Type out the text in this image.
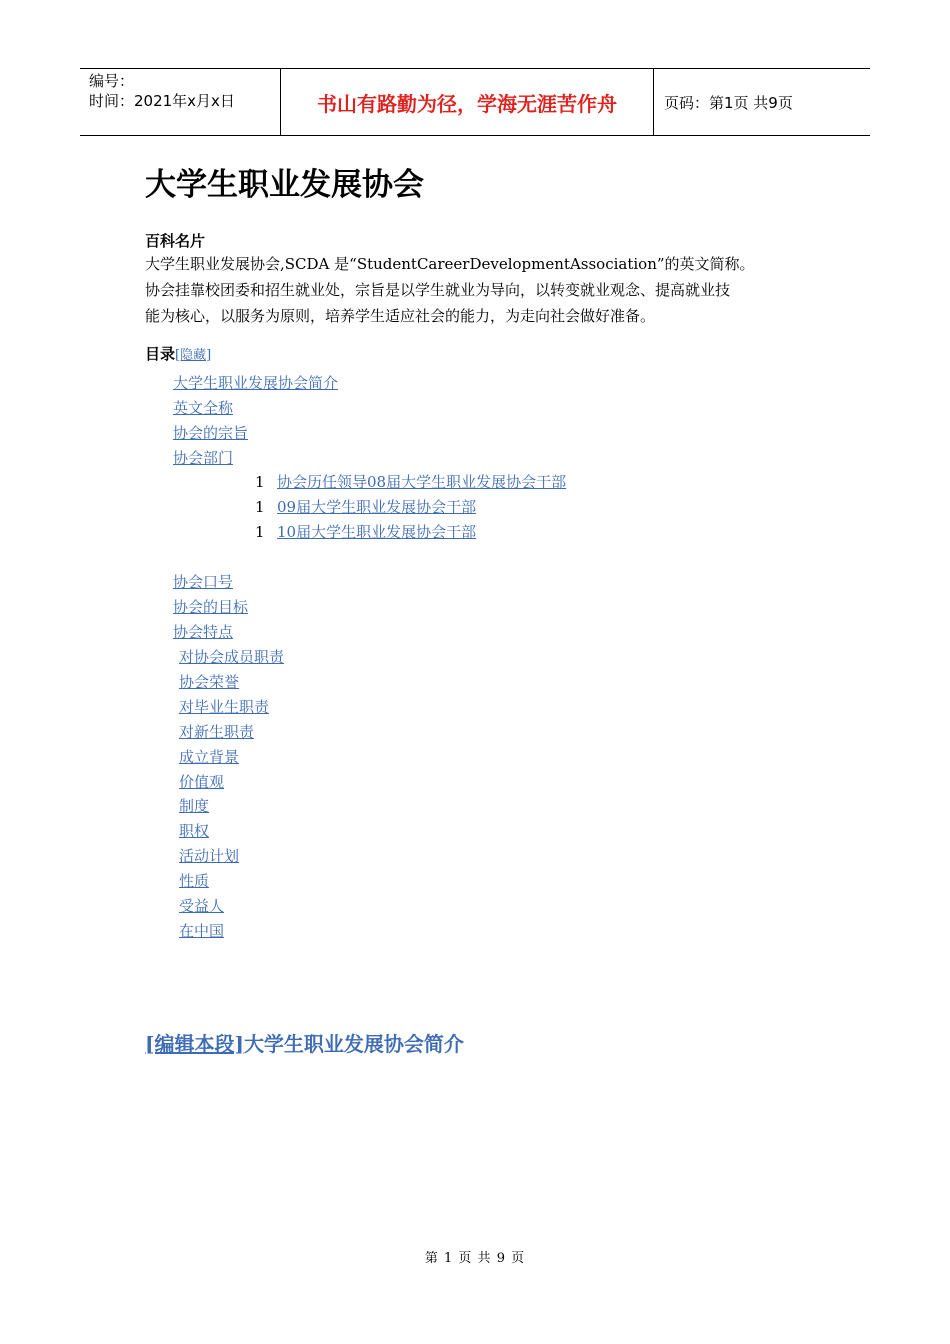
编号：
时间：2021年x月x日	书山有路勤为径，学海无涯苦作舟	页码：第1页 共9页
大学生职业发展协会
百科名片
大学生职业发展协会,SCDA 是“StudentCareerDevelopmentAssociation”的英文简称。
协会挂靠校团委和招生就业处，宗旨是以学生就业为导向，以转变就业观念、提高就业技
能为核心，以服务为原则，培养学生适应社会的能力，为走向社会做好准备。
目录[隐藏]
大学生职业发展协会简介
英文全称
协会的宗旨
协会部门
1 协会历任领导08届大学生职业发展协会干部
1 09届大学生职业发展协会干部
1 10届大学生职业发展协会干部
协会口号
协会的目标
协会特点
对协会成员职责
协会荣誉
对毕业生职责
对新生职责
成立背景
价值观
制度
职权
活动计划
性质
受益人
在中国
[编辑本段]大学生职业发展协会简介
第 1 页 共 9 页
